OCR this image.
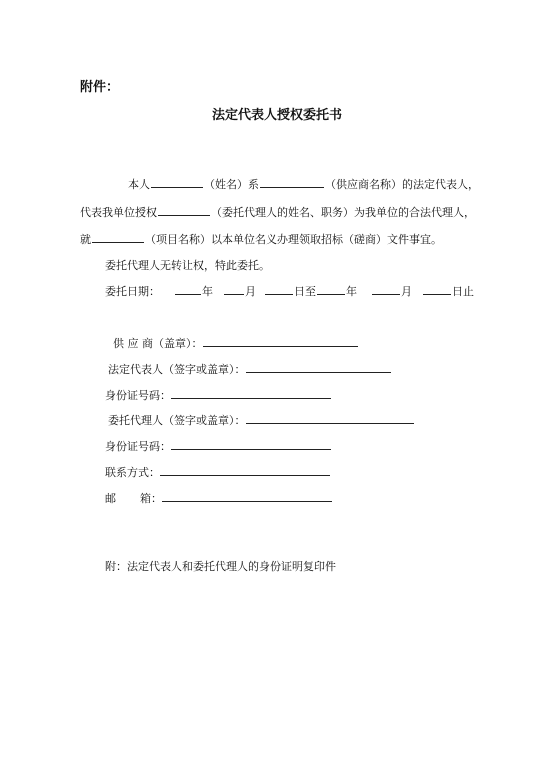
附件：
法定代表人授权委托书
本人	（姓名）系	（供应商名称）的法定代表人，
代表我单位授权	（委托代理人的姓名、职务）为我单位的合法代理人，
就	（项目名称）以本单位名义办理领取招标（磋商）文件事宜。
委托代理人无转让权，特此委托。
委托日期：	年	月	日至	年	月	日止
供 应 商（盖章）：
法定代表人（签字或盖章）：
身份证号码：
委托代理人（签字或盖章）：
身份证号码：
联系方式：
邮 箱：
附：法定代表人和委托代理人的身份证明复印件
